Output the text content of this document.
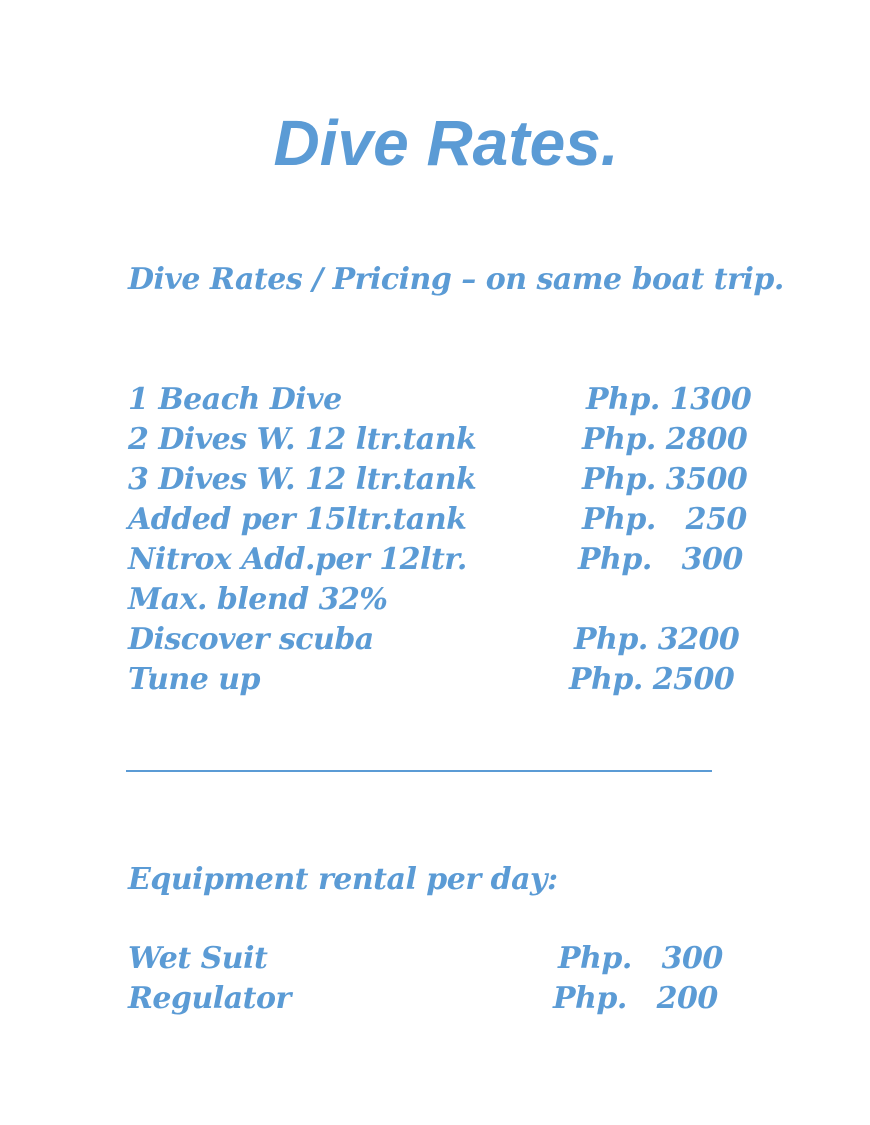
Dive Rates.

Dive Rates / Pricing – on same boat trip.

1 Beach Dive	Php. 1300
2 Dives W. 12 ltr.tank	Php. 2800
3 Dives W. 12 ltr.tank	Php. 3500
Added per 15ltr.tank	Php.   250
Nitrox Add.per 12ltr.	Php.   300
Max. blend 32%
Discover scuba	Php. 3200
Tune up	Php. 2500

Equipment rental per day:

Wet Suit	Php.   300
Regulator	Php.   200
